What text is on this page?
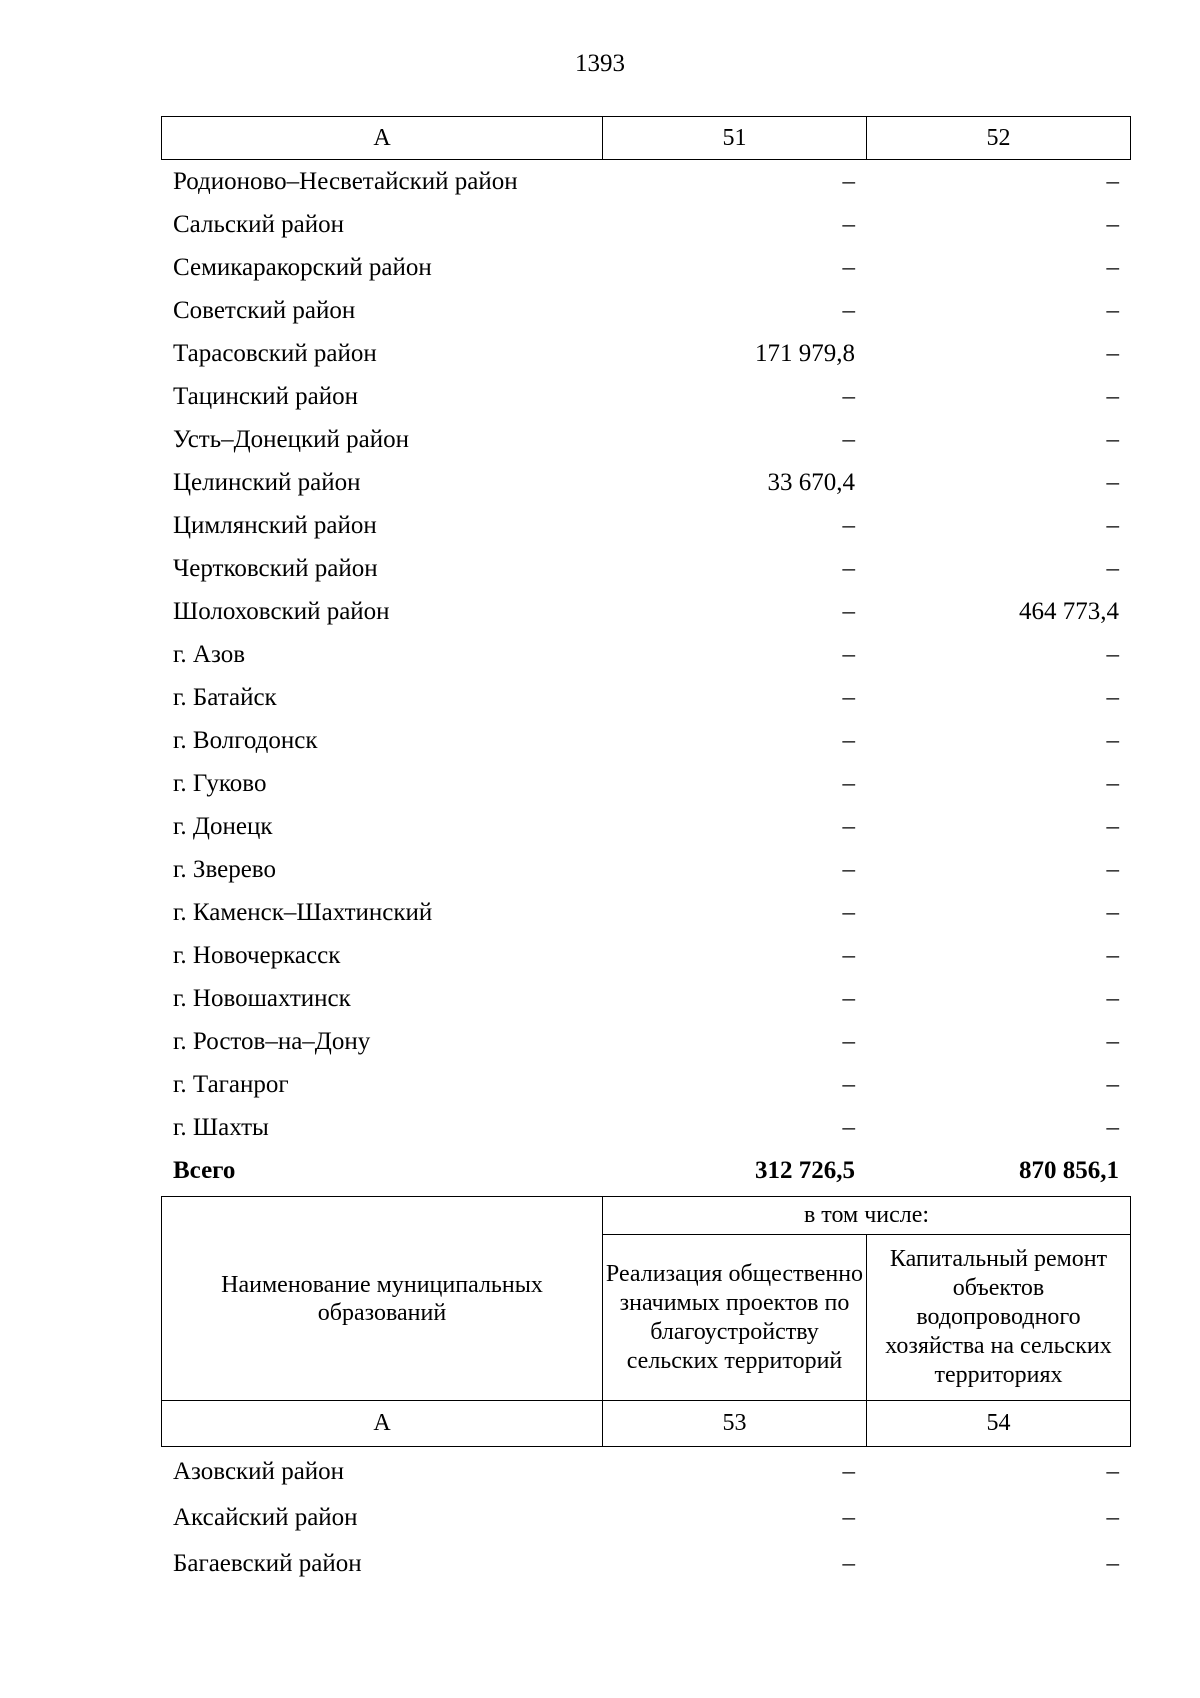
1393
А	51	52
Родионово–Несветайский район	–	–
Сальский район	–	–
Семикаракорский район	–	–
Советский район	–	–
Тарасовский район	171 979,8	–
Тацинский район	–	–
Усть–Донецкий район	–	–
Целинский район	33 670,4	–
Цимлянский район	–	–
Чертковский район	–	–
Шолоховский район	–	464 773,4
г. Азов	–	–
г. Батайск	–	–
г. Волгодонск	–	–
г. Гуково	–	–
г. Донецк	–	–
г. Зверево	–	–
г. Каменск–Шахтинский	–	–
г. Новочеркасск	–	–
г. Новошахтинск	–	–
г. Ростов–на–Дону	–	–
г. Таганрог	–	–
г. Шахты	–	–
Всего	312 726,5	870 856,1
Наименование муниципальных образований	в том числе:	
	Реализация общественно значимых проектов по благоустройству сельских территорий	Капитальный ремонт объектов водопроводного хозяйства на сельских территориях
А	53	54
Азовский район	–	–
Аксайский район	–	–
Багаевский район	–	–
